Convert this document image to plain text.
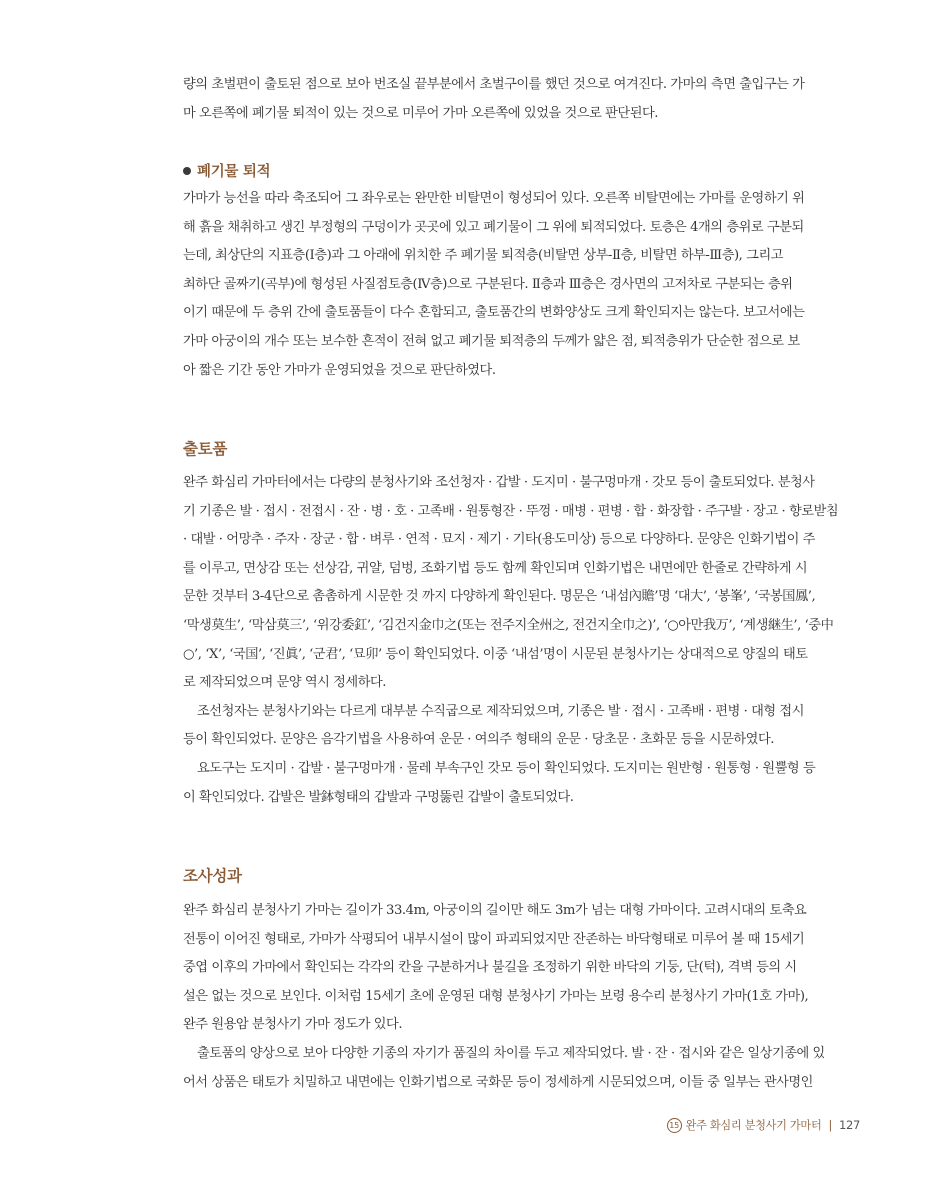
량의 초벌편이 출토된 점으로 보아 번조실 끝부분에서 초벌구이를 했던 것으로 여겨진다. 가마의 측면 출입구는 가
마 오른쪽에 폐기물 퇴적이 있는 것으로 미루어 가마 오른쪽에 있었을 것으로 판단된다.
폐기물 퇴적
가마가 능선을 따라 축조되어 그 좌우로는 완만한 비탈면이 형성되어 있다. 오른쪽 비탈면에는 가마를 운영하기 위
해 흙을 채취하고 생긴 부정형의 구덩이가 곳곳에 있고 폐기물이 그 위에 퇴적되었다. 토층은 4개의 층위로 구분되
는데, 최상단의 지표층(Ⅰ층)과 그 아래에 위치한 주 폐기물 퇴적층(비탈면 상부-Ⅱ층, 비탈면 하부-Ⅲ층), 그리고
최하단 골짜기(곡부)에 형성된 사질점토층(Ⅳ층)으로 구분된다. Ⅱ층과 Ⅲ층은 경사면의 고저차로 구분되는 층위
이기 때문에 두 층위 간에 출토품들이 다수 혼합되고, 출토품간의 변화양상도 크게 확인되지는 않는다. 보고서에는
가마 아궁이의 개수 또는 보수한 흔적이 전혀 없고 폐기물 퇴적층의 두께가 얇은 점, 퇴적층위가 단순한 점으로 보
아 짧은 기간 동안 가마가 운영되었을 것으로 판단하였다.
출토품
완주 화심리 가마터에서는 다량의 분청사기와 조선청자 · 갑발 · 도지미 · 불구멍마개 · 갓모 등이 출토되었다. 분청사
기 기종은 발 · 접시 · 전접시 · 잔 · 병 · 호 · 고족배 · 원통형잔 · 뚜껑 · 매병 · 편병 · 합 · 화장합 · 주구발 · 장고 · 향로받침
· 대발 · 어망추 · 주자 · 장군 · 합 · 벼루 · 연적 · 묘지 · 제기 · 기타(용도미상) 등으로 다양하다. 문양은 인화기법이 주
를 이루고, 면상감 또는 선상감, 귀얄, 덤벙, 조화기법 등도 함께 확인되며 인화기법은 내면에만 한줄로 간략하게 시
문한 것부터 3-4단으로 촘촘하게 시문한 것 까지 다양하게 확인된다. 명문은 ‘내섬內贍’명 ‘대大’, ‘봉峯’, ‘국봉国鳳’,
‘막생莫生’, ‘막삼莫三’, ‘위강委釭’, ‘김건지金巾之(또는 전주지全州之, 전건지全巾之)’, ‘○아만我万’, ‘계생継生’, ‘중中
○’, ‘X’, ‘국国’, ‘진眞’, ‘군君’, ‘묘卯’ 등이 확인되었다. 이중 ‘내섬’명이 시문된 분청사기는 상대적으로 양질의 태토
로 제작되었으며 문양 역시 정세하다.
조선청자는 분청사기와는 다르게 대부분 수직굽으로 제작되었으며, 기종은 발 · 접시 · 고족배 · 편병 · 대형 접시
등이 확인되었다. 문양은 음각기법을 사용하여 운문 · 여의주 형태의 운문 · 당초문 · 초화문 등을 시문하였다.
요도구는 도지미 · 갑발 · 불구멍마개 · 물레 부속구인 갓모 등이 확인되었다. 도지미는 원반형 · 원통형 · 원뿔형 등
이 확인되었다. 갑발은 발鉢형태의 갑발과 구멍뚫린 갑발이 출토되었다.
조사성과
완주 화심리 분청사기 가마는 길이가 33.4m, 아궁이의 길이만 해도 3m가 넘는 대형 가마이다. 고려시대의 토축요
전통이 이어진 형태로, 가마가 삭평되어 내부시설이 많이 파괴되었지만 잔존하는 바닥형태로 미루어 볼 때 15세기
중엽 이후의 가마에서 확인되는 각각의 칸을 구분하거나 불길을 조정하기 위한 바닥의 기둥, 단(턱), 격벽 등의 시
설은 없는 것으로 보인다. 이처럼 15세기 초에 운영된 대형 분청사기 가마는 보령 용수리 분청사기 가마(1호 가마),
완주 원용암 분청사기 가마 정도가 있다.
출토품의 양상으로 보아 다양한 기종의 자기가 품질의 차이를 두고 제작되었다. 발 · 잔 · 접시와 같은 일상기종에 있
어서 상품은 태토가 치밀하고 내면에는 인화기법으로 국화문 등이 정세하게 시문되었으며, 이들 중 일부는 관사명인
15 완주 화심리 분청사기 가마터 | 127
